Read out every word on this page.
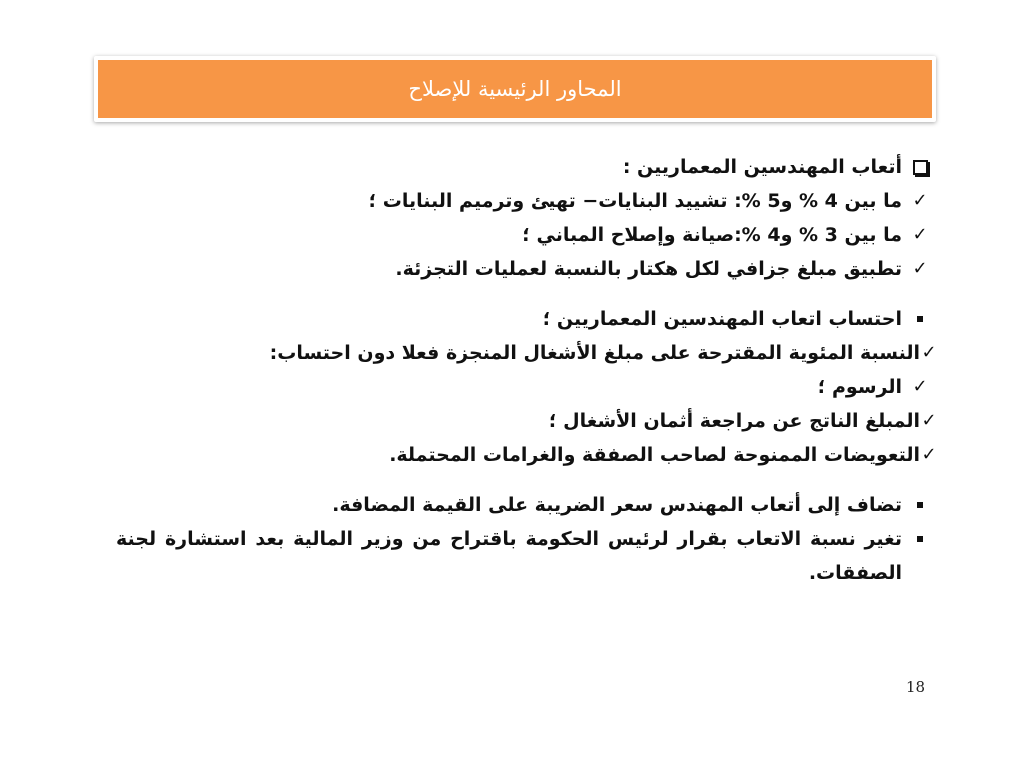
المحاور الرئيسية للإصلاح
أتعاب المهندسين المعماريين :
✓
ما بين 4 % و5 %: تشييد البنايات− تهيئ وترميم البنايات ؛
✓
ما بين 3 % و4 %:صيانة وإصلاح المباني ؛
✓
تطبيق مبلغ جزافي لكل هكتار بالنسبة لعمليات التجزئة.
احتساب اتعاب المهندسين المعماريين ؛
✓
النسبة المئوية المقترحة على مبلغ الأشغال المنجزة فعلا دون احتساب:
✓
الرسوم ؛
✓
المبلغ الناتج عن مراجعة أثمان الأشغال ؛
✓
التعويضات الممنوحة لصاحب الصفقة والغرامات المحتملة.
تضاف إلى أتعاب المهندس سعر الضريبة على القيمة المضافة.
تغير نسبة الاتعاب بقرار لرئيس الحكومة باقتراح من وزير المالية بعد استشارة لجنة الصفقات.
18
